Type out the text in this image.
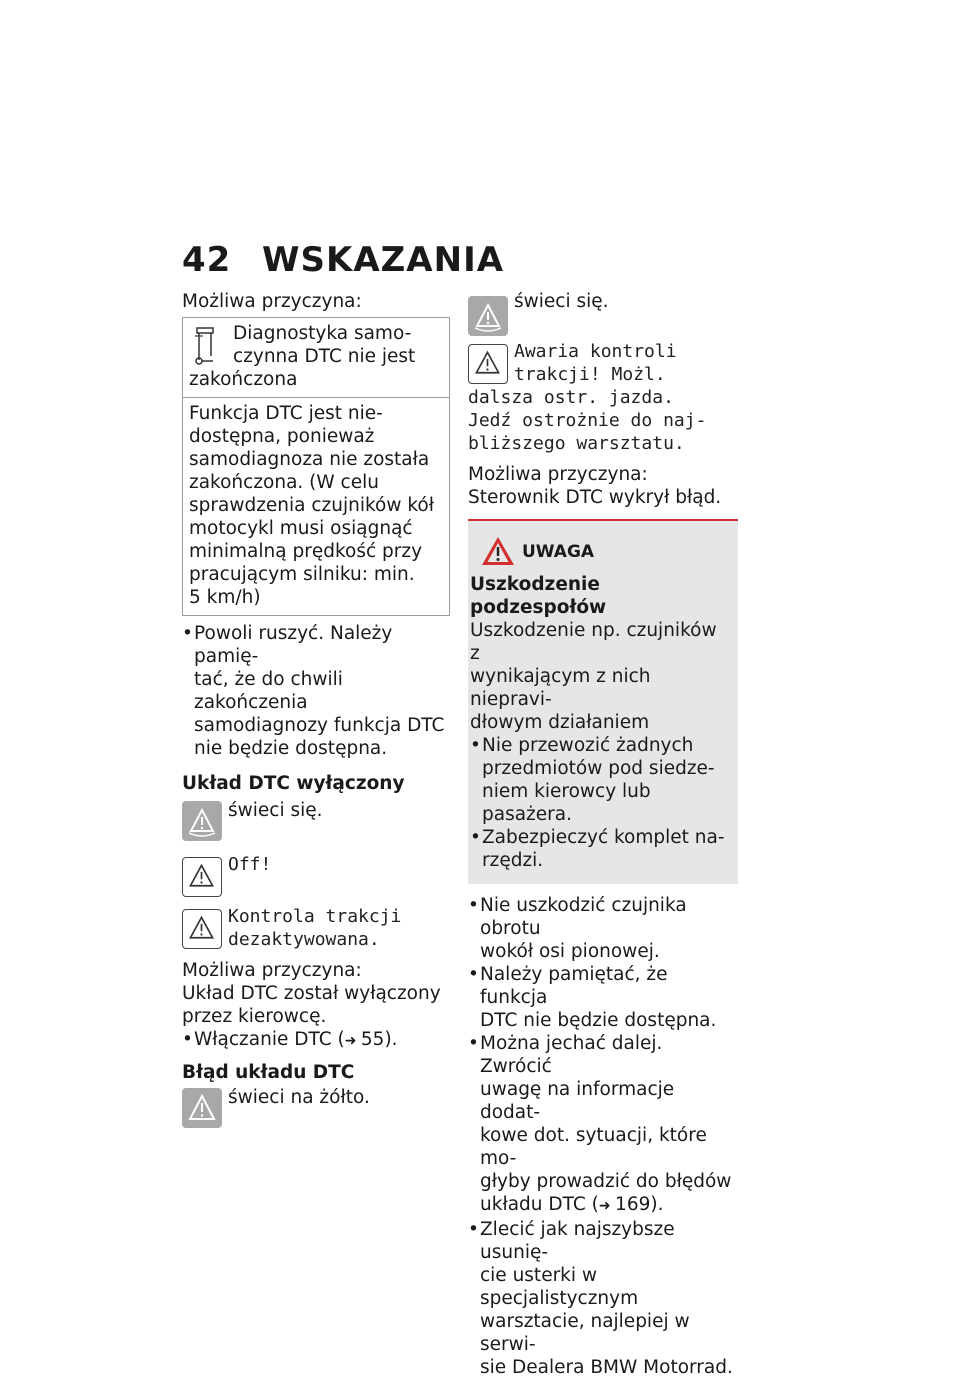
42 WSKAZANIA

Możliwa przyczyna:

Diagnostyka samo-

czynna DTC nie jest

zakończona

Funkcja DTC jest nie-

dostępna, ponieważ

samodiagnoza nie została

zakończona. (W celu

sprawdzenia czujników kół

motocykl musi osiągnąć

minimalną prędkość przy

pracującym silniku: min.

5 km/h)

• Powoli ruszyć. Należy pamię-

tać, że do chwili zakończenia

samodiagnozy funkcja DTC

nie będzie dostępna.

Układ DTC wyłączony

świeci się.

Off!

Kontrola trakcji

dezaktywowana.

Możliwa przyczyna:

Układ DTC został wyłączony

przez kierowcę.

• Włączanie DTC (➜ 55).

Błąd układu DTC

świeci na żółto.

świeci się.

Awaria kontroli

trakcji! Możl.

dalsza ostr. jazda.

Jedź ostrożnie do naj-

bliższego warsztatu.

Możliwa przyczyna:

Sterownik DTC wykrył błąd.

UWAGA

Uszkodzenie podzespołów

Uszkodzenie np. czujników z

wynikającym z nich niepravi-

dłowym działaniem

• Nie przewozić żadnych

przedmiotów pod siedze-

niem kierowcy lub pasażera.

• Zabezpieczyć komplet na-

rzędzi.

• Nie uszkodzić czujnika obrotu

wokół osi pionowej.

• Należy pamiętać, że funkcja

DTC nie będzie dostępna.

• Można jechać dalej. Zwrócić

uwagę na informacje dodat-

kowe dot. sytuacji, które mo-

głyby prowadzić do błędów

układu DTC (➜ 169).

• Zlecić jak najszybsze usunię-

cie usterki w specjalistycznym

warsztacie, najlepiej w serwi-

sie Dealera BMW Motorrad.
